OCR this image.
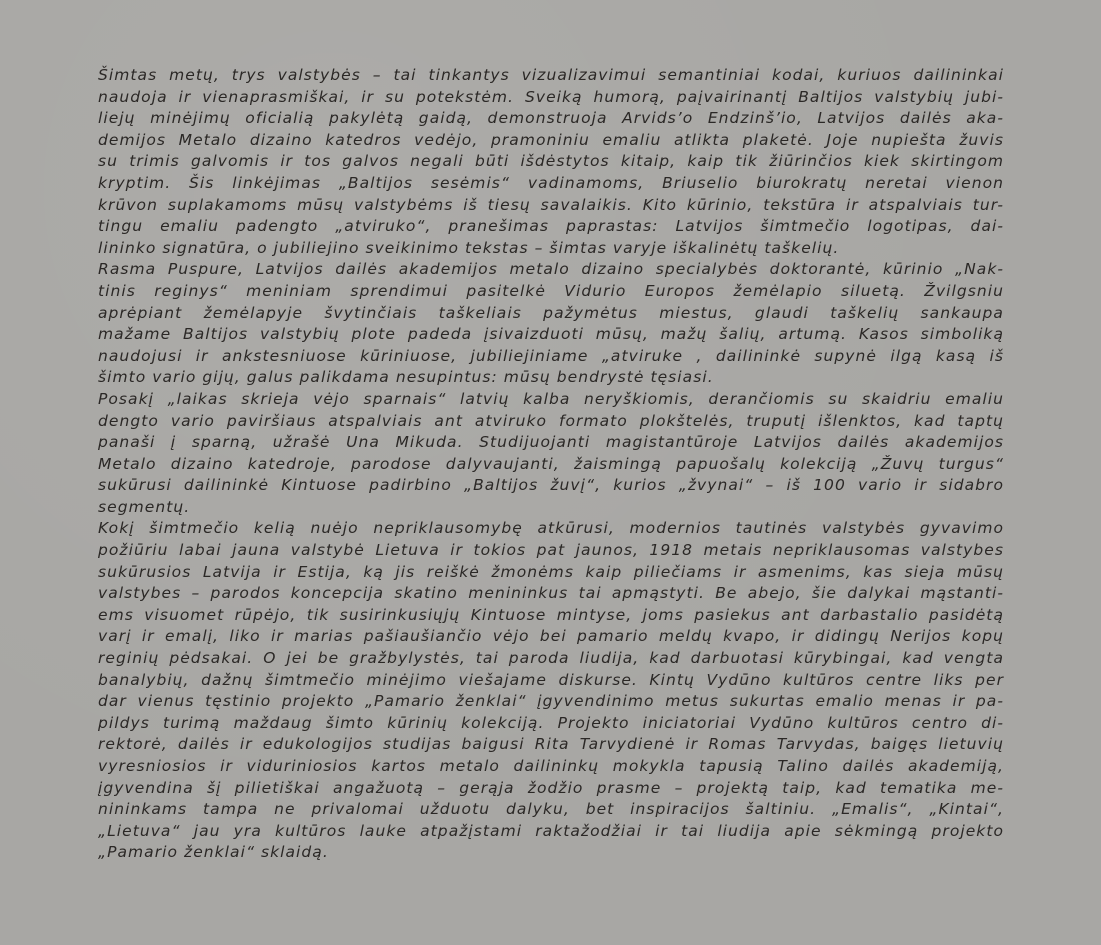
Šimtas metų, trys valstybės – tai tinkantys vizualizavimui semantiniai kodai, kuriuos dailininkai
naudoja ir vienaprasmiškai, ir su potekstėm. Sveiką humorą, paįvairinantį Baltijos valstybių jubi-
liejų minėjimų oficialią pakylėtą gaidą, demonstruoja Arvids’o Endzinš’io, Latvijos dailės aka-
demijos Metalo dizaino katedros vedėjo, pramoniniu emaliu atlikta plaketė. Joje nupiešta žuvis
su trimis galvomis ir tos galvos negali būti išdėstytos kitaip, kaip tik žiūrinčios kiek skirtingom
kryptim. Šis linkėjimas „Baltijos sesėmis“ vadinamoms, Briuselio biurokratų neretai vienon
krūvon suplakamoms mūsų valstybėms iš tiesų savalaikis. Kito kūrinio, tekstūra ir atspalviais tur-
tingu emaliu padengto „atviruko“, pranešimas paprastas: Latvijos šimtmečio logotipas, dai-
lininko signatūra, o jubiliejino sveikinimo tekstas – šimtas varyje iškalinėtų taškelių.
Rasma Puspure, Latvijos dailės akademijos metalo dizaino specialybės doktorantė, kūrinio „Nak-
tinis reginys“ meniniam sprendimui pasitelkė Vidurio Europos žemėlapio siluetą. Žvilgsniu
aprėpiant žemėlapyje švytinčiais taškeliais pažymėtus miestus, glaudi taškelių sankaupa
mažame Baltijos valstybių plote padeda įsivaizduoti mūsų, mažų šalių, artumą. Kasos simboliką
naudojusi ir ankstesniuose kūriniuose, jubiliejiniame „atviruke , dailininkė supynė ilgą kasą iš
šimto vario gijų, galus palikdama nesupintus: mūsų bendrystė tęsiasi.
Posakį „laikas skrieja vėjo sparnais“ latvių kalba neryškiomis, derančiomis su skaidriu emaliu
dengto vario paviršiaus atspalviais ant atviruko formato plokštelės, truputį išlenktos, kad taptų
panaši į sparną, užrašė Una Mikuda. Studijuojanti magistantūroje Latvijos dailės akademijos
Metalo dizaino katedroje, parodose dalyvaujanti, žaismingą papuošalų kolekciją „Žuvų turgus“
sukūrusi dailininkė Kintuose padirbino „Baltijos žuvį“, kurios „žvynai“ – iš 100 vario ir sidabro
segmentų.
Kokį šimtmečio kelią nuėjo nepriklausomybę atkūrusi, modernios tautinės valstybės gyvavimo
požiūriu labai jauna valstybė Lietuva ir tokios pat jaunos, 1918 metais nepriklausomas valstybes
sukūrusios Latvija ir Estija, ką jis reiškė žmonėms kaip piliečiams ir asmenims, kas sieja mūsų
valstybes – parodos koncepcija skatino menininkus tai apmąstyti. Be abejo, šie dalykai mąstanti-
ems visuomet rūpėjo, tik susirinkusiųjų Kintuose mintyse, joms pasiekus ant darbastalio pasidėtą
varį ir emalį, liko ir marias pašiaušiančio vėjo bei pamario meldų kvapo, ir didingų Nerijos kopų
reginių pėdsakai. O jei be gražbylystės, tai paroda liudija, kad darbuotasi kūrybingai, kad vengta
banalybių, dažnų šimtmečio minėjimo viešajame diskurse. Kintų Vydūno kultūros centre liks per
dar vienus tęstinio projekto „Pamario ženklai“ įgyvendinimo metus sukurtas emalio menas ir pa-
pildys turimą maždaug šimto kūrinių kolekciją. Projekto iniciatoriai Vydūno kultūros centro di-
rektorė, dailės ir edukologijos studijas baigusi Rita Tarvydienė ir Romas Tarvydas, baigęs lietuvių
vyresniosios ir viduriniosios kartos metalo dailininkų mokykla tapusią Talino dailės akademiją,
įgyvendina šį pilietiškai angažuotą – gerąja žodžio prasme – projektą taip, kad tematika me-
nininkams tampa ne privalomai užduotu dalyku, bet inspiracijos šaltiniu. „Emalis“, „Kintai“,
„Lietuva“ jau yra kultūros lauke atpažįstami raktažodžiai ir tai liudija apie sėkmingą projekto
„Pamario ženklai“ sklaidą.
